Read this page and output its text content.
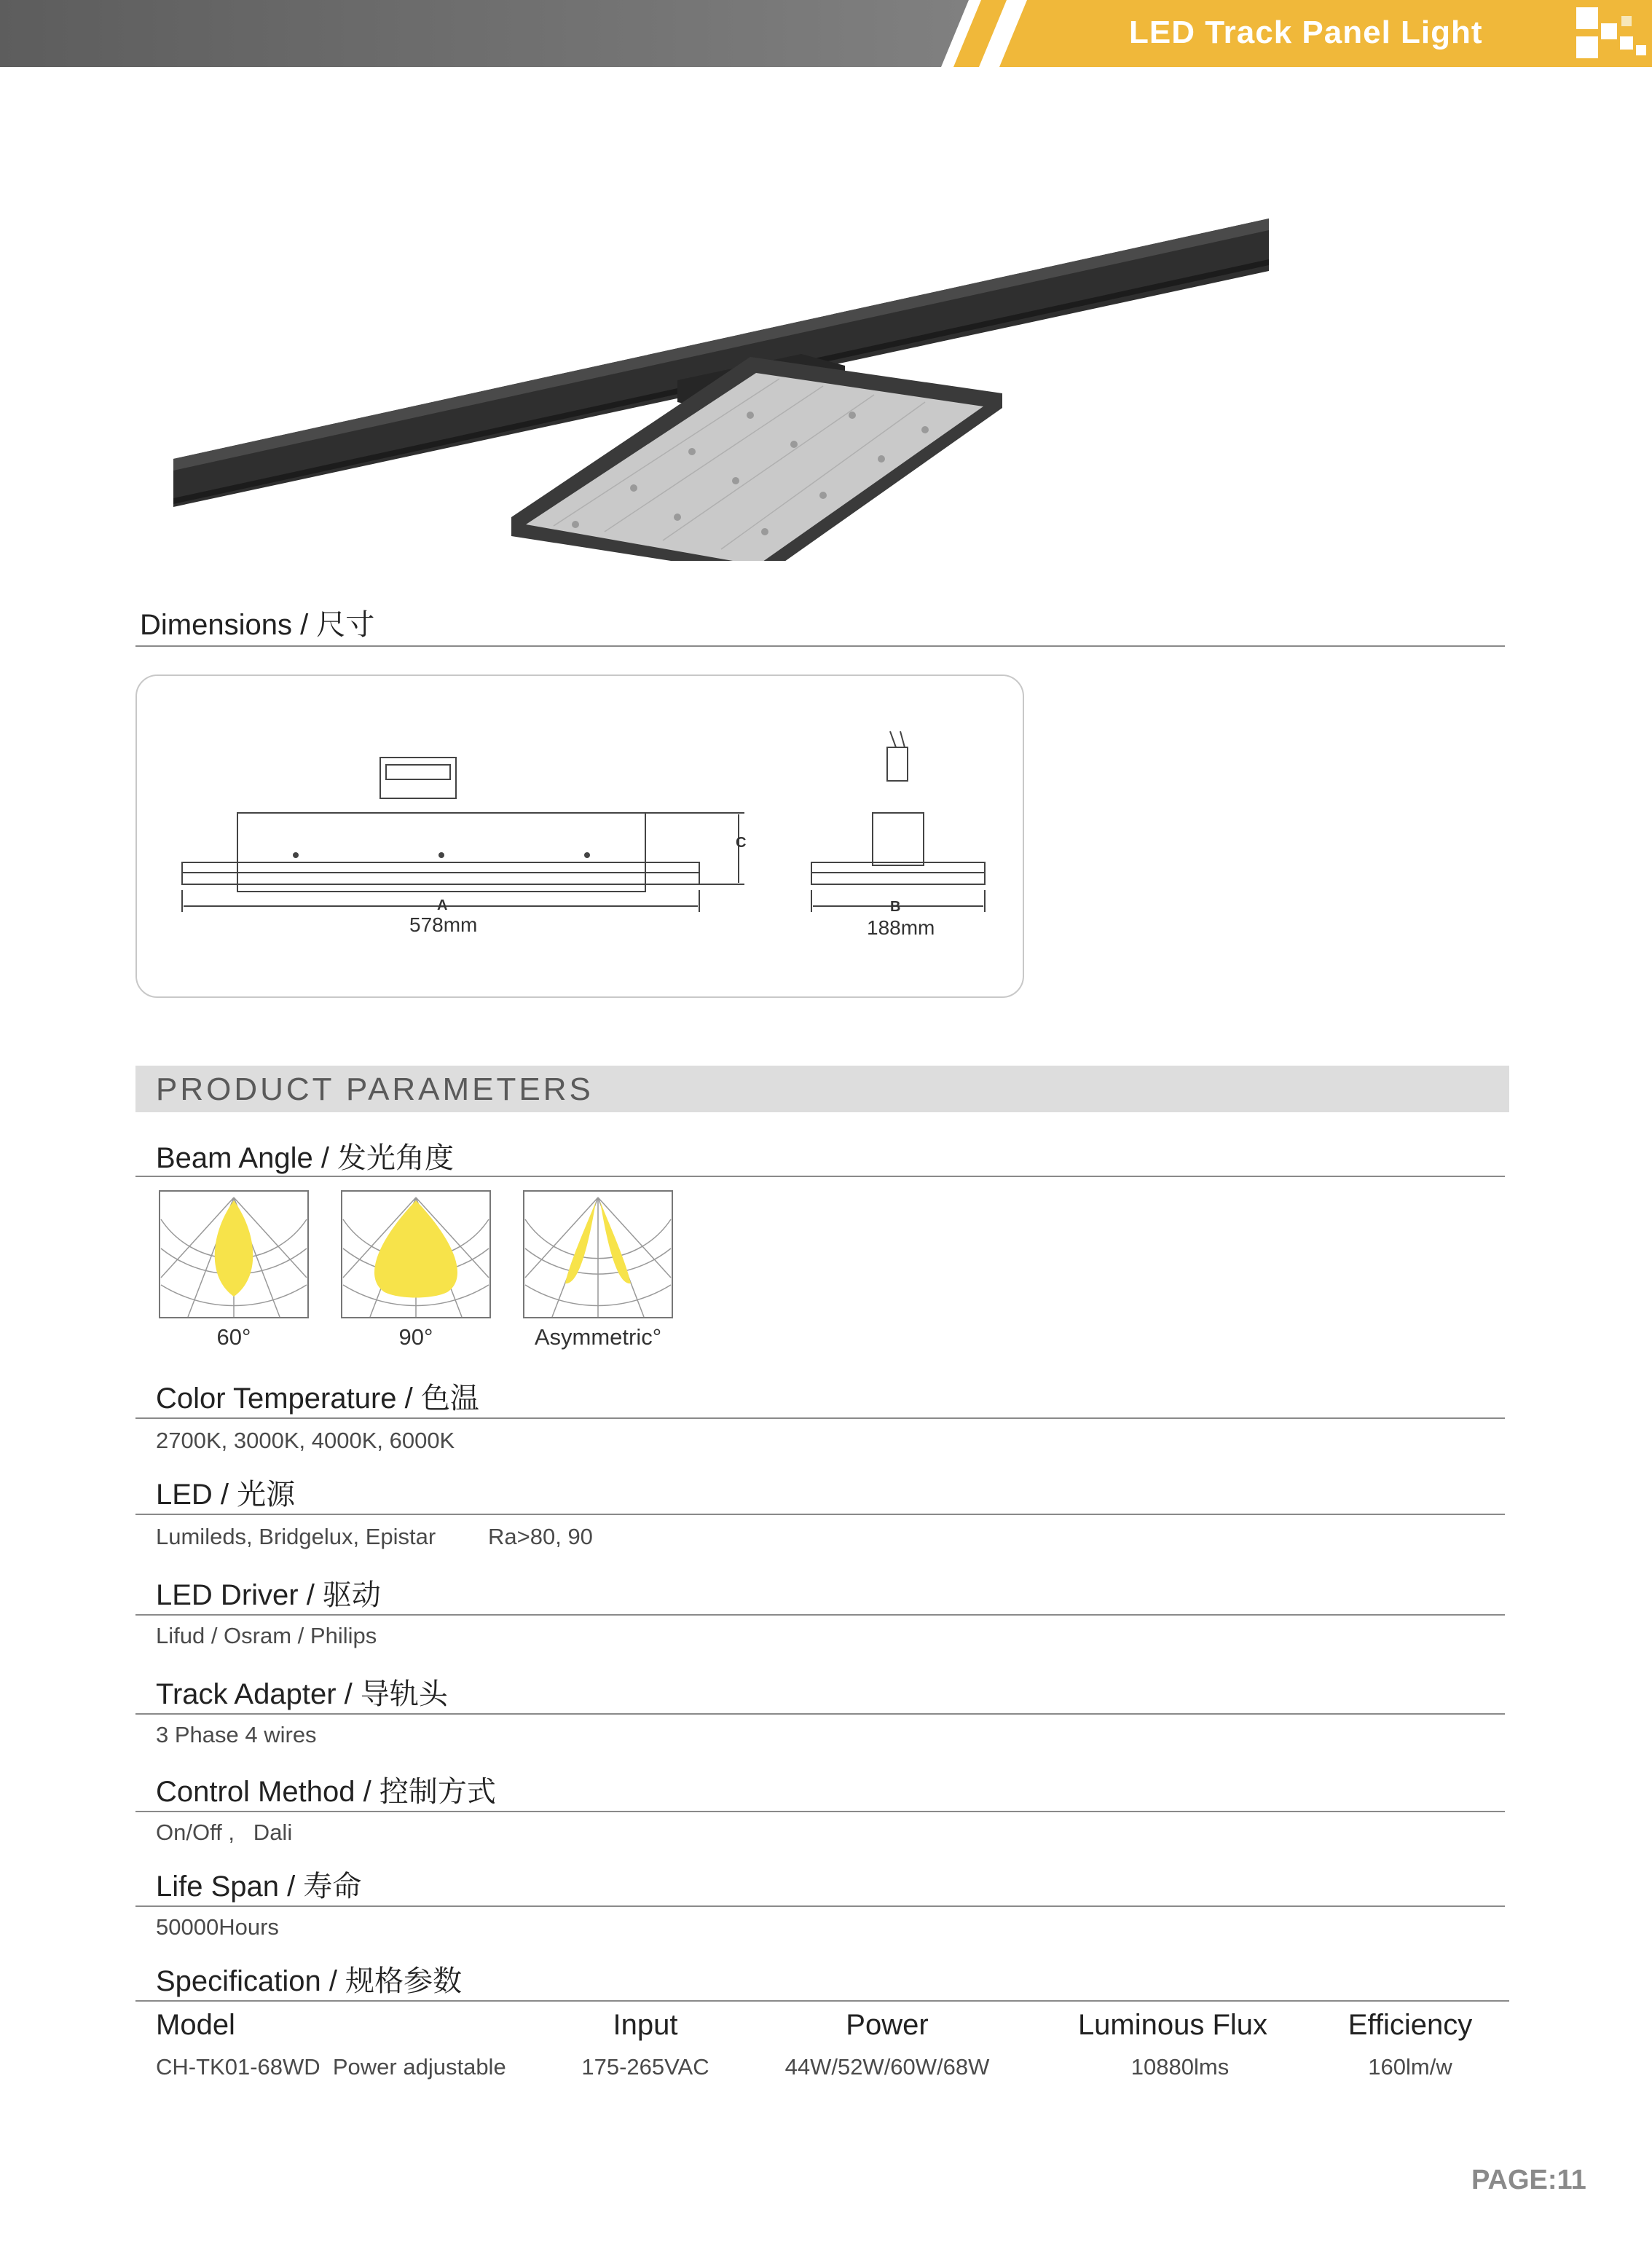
LED Track Panel Light
Dimensions / 尺寸
A
578mm
B
188mm
C
PRODUCT PARAMETERS
Beam Angle / 发光角度
60°	90°	Asymmetric°
Color Temperature / 色温
2700K, 3000K, 4000K, 6000K
LED / 光源
Lumileds, Bridgelux, Epistar Ra>80, 90
LED Driver / 驱动
Lifud / Osram / Philips
Track Adapter / 导轨头
3 Phase 4 wires
Control Method / 控制方式
On/Off ,   Dali
Life Span / 寿命
50000Hours
Specification / 规格参数
Model	Input	Power	Luminous Flux	Efficiency
CH-TK01-68WD  Power adjustable	175-265VAC	44W/52W/60W/68W	10880lms	160lm/w
PAGE:11
